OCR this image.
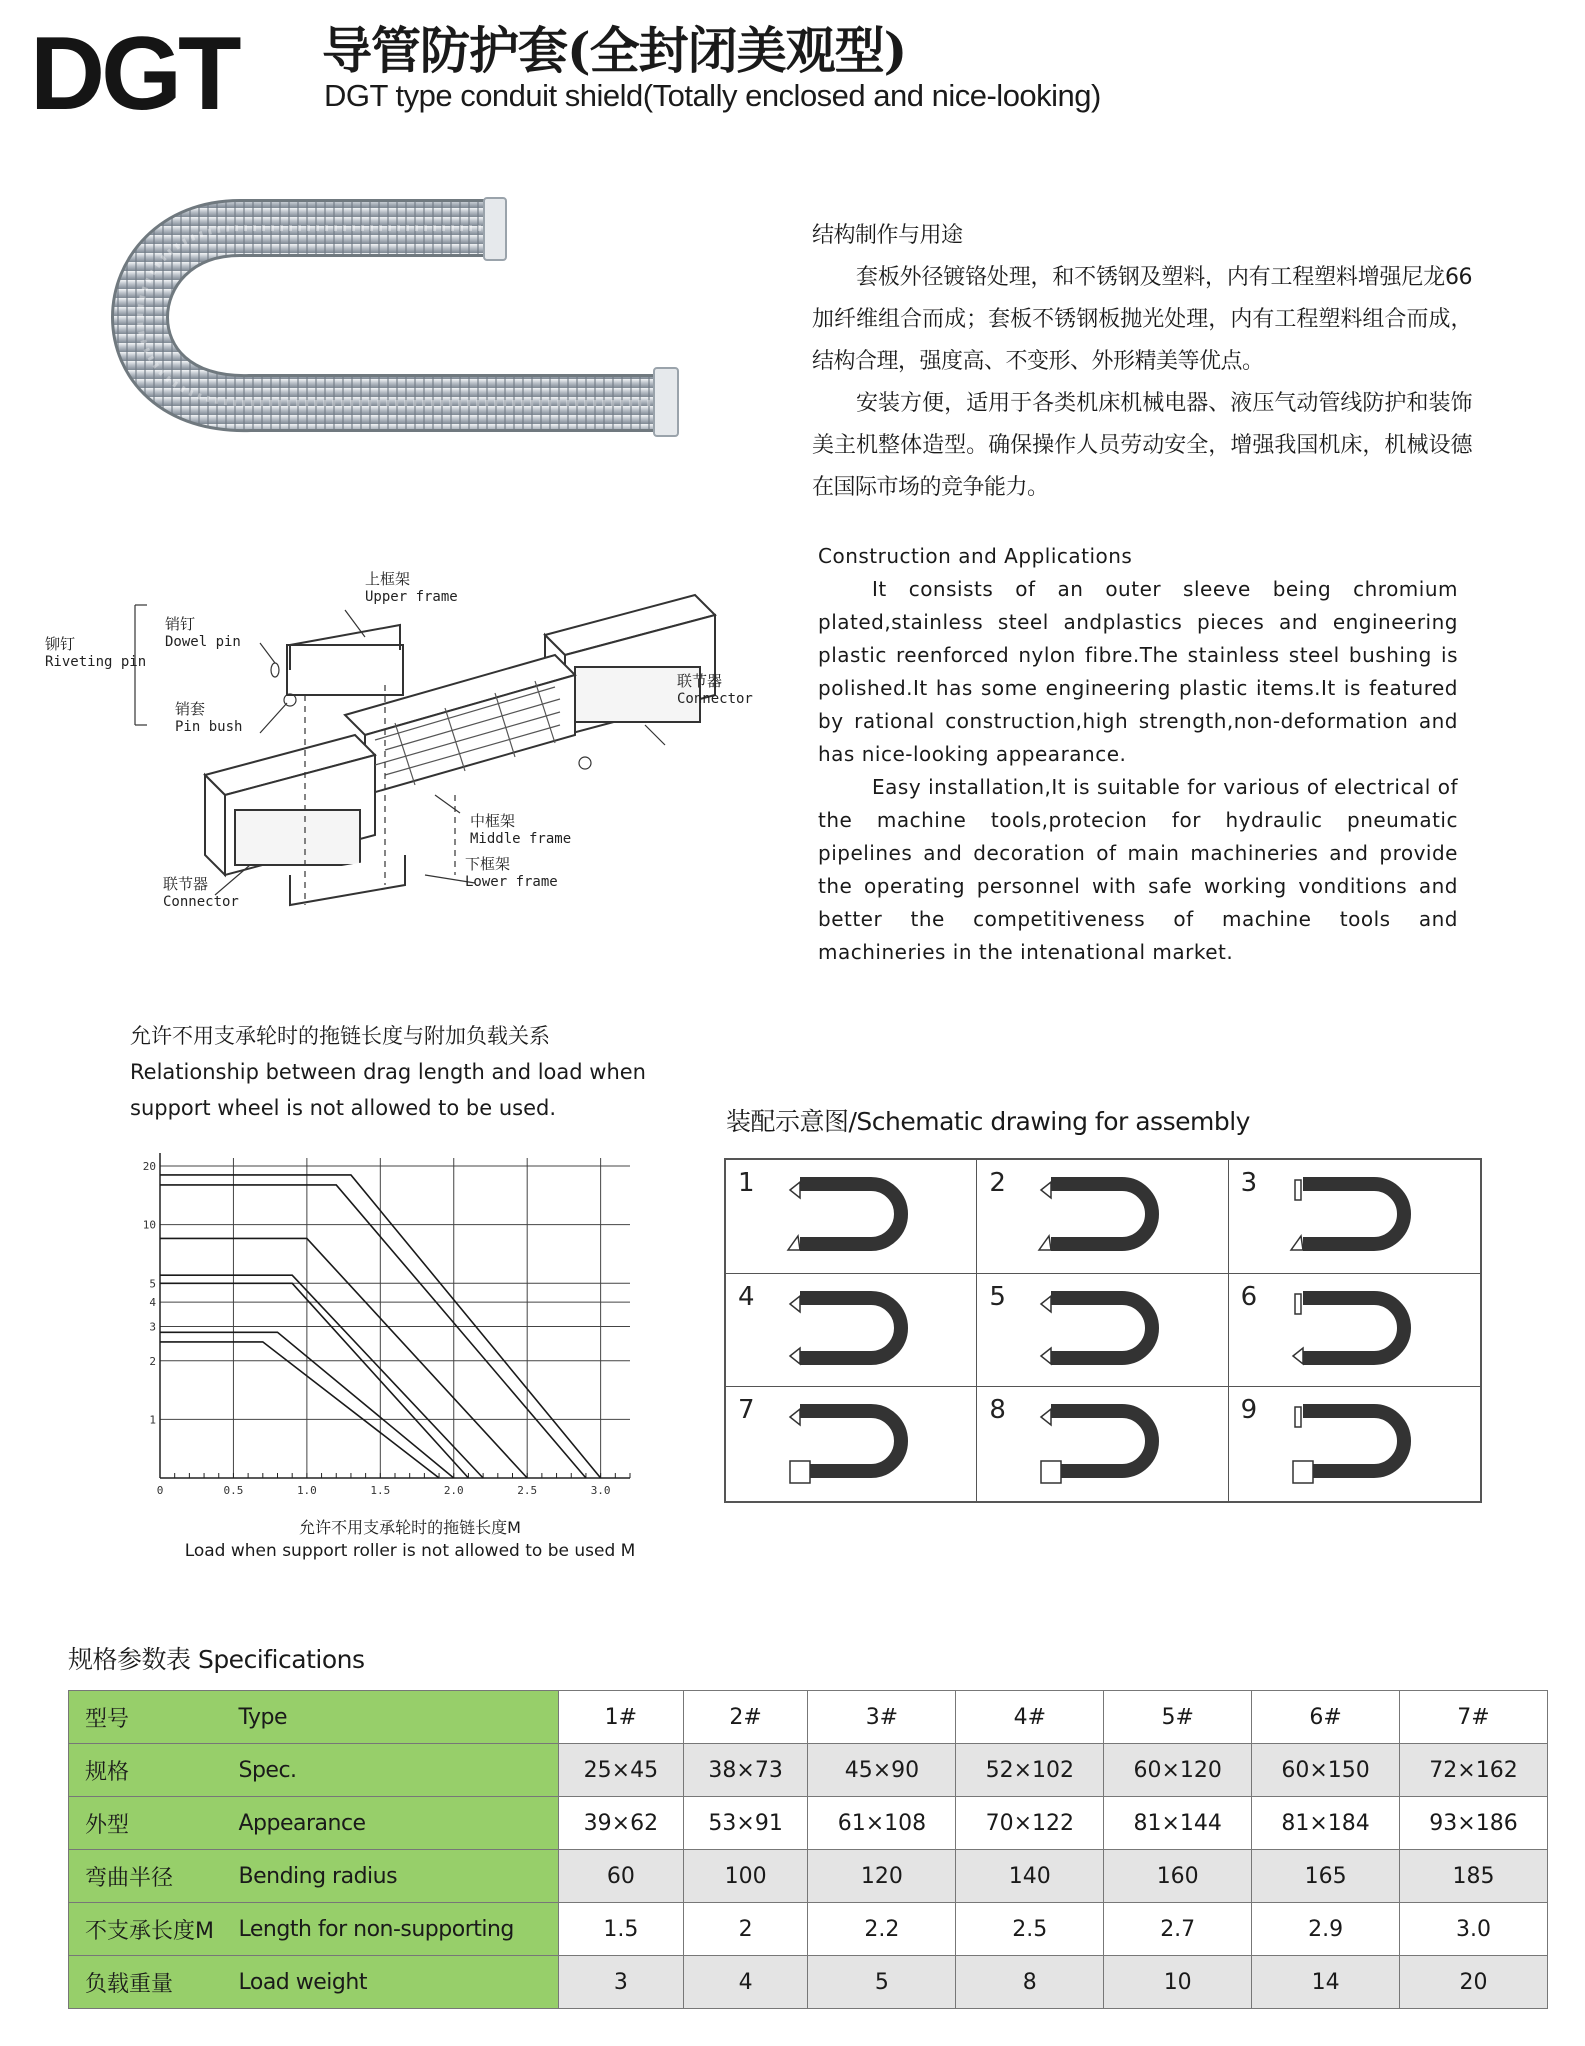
DGT 导管防护套(全封闭美观型)
DGT type conduit shield(Totally enclosed and nice-looking)
结构制作与用途

套板外径镀铬处理，和不锈钢及塑料，内有工程塑料增强尼龙66加纤维组合而成；套板不锈钢板抛光处理，内有工程塑料组合而成，结构合理，强度高、不变形、外形精美等优点。

安装方便，适用于各类机床机械电器、液压气动管线防护和装饰美主机整体造型。确保操作人员劳动安全，增强我国机床，机械设德在国际市场的竞争能力。

铆钉
Riveting pin
销钉
Dowel pin
销套
Pin bush
上框架
Upper frame
联节器
Connector
中框架
Middle frame
下框架
Lower frame
联节器
Connector
Construction and Applications

It consists of an outer sleeve being chromium plated,stainless steel andplastics pieces and engineering plastic reenforced nylon fibre.The stainless steel bushing is polished.It has some engineering plastic items.It is featured by rational construction,high strength,non-deformation and has nice-looking appearance.

Easy installation,It is suitable for various of electrical of the machine tools,protecion for hydraulic pneumatic pipelines and decoration of main machineries and provide the operating personnel with safe working vonditions and better the competitiveness of machine tools and machineries in the intenational market.

允许不用支承轮时的拖链长度与附加负载关系
Relationship between drag length and load when
support wheel is not allowed to be used.
0	0.5	1.0	1.5	2.0	2.5	3.0
1
2
3
4
5
10
20
允许不用支承轮时的拖链长度M
Load when support roller is not allowed to be used M
装配示意图/Schematic drawing for assembly
1	2	3
4	5	6
7	8	9
规格参数表 Specifications
型号	Type	1#	2#	3#	4#	5#	6#	7#
规格	Spec.	25×45	38×73	45×90	52×102	60×120	60×150	72×162
外型	Appearance	39×62	53×91	61×108	70×122	81×144	81×184	93×186
弯曲半径	Bending radius	60	100	120	140	160	165	185
不支承长度M	Length for non-supporting	1.5	2	2.2	2.5	2.7	2.9	3.0
负载重量	Load weight	3	4	5	8	10	14	20
